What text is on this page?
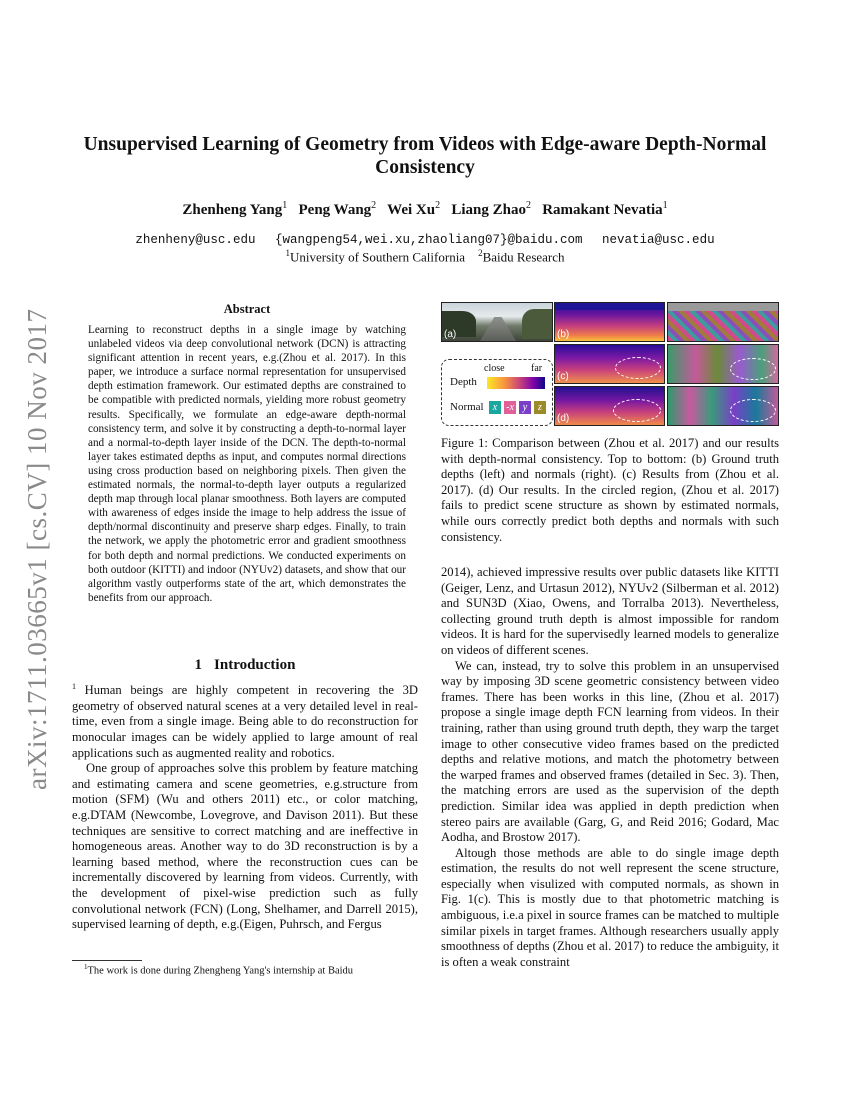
arXiv:1711.03665v1 [cs.CV] 10 Nov 2017
Unsupervised Learning of Geometry from Videos with Edge-aware Depth-Normal Consistency
Zhenheng Yang$^1$ Peng Wang$^2$ Wei Xu$^2$ Liang Zhao$^2$ Ramakant Nevatia$^1$
zhenheny@usc.edu {wangpeng54,wei.xu,zhaoliang07}@baidu.com nevatia@usc.edu
$^1$University of Southern California $^2$Baidu Research
Abstract
Learning to reconstruct depths in a single image by watching unlabeled videos via deep convolutional network (DCN) is attracting significant attention in recent years, e.g.(Zhou et al. 2017). In this paper, we introduce a surface normal representation for unsupervised depth estimation framework. Our estimated depths are constrained to be compatible with predicted normals, yielding more robust geometry results. Specifically, we formulate an edge-aware depth-normal consistency term, and solve it by constructing a depth-to-normal layer and a normal-to-depth layer inside of the DCN. The depth-to-normal layer takes estimated depths as input, and computes normal directions using cross production based on neighboring pixels. Then given the estimated normals, the normal-to-depth layer outputs a regularized depth map through local planar smoothness. Both layers are computed with awareness of edges inside the image to help address the issue of depth/normal discontinuity and preserve sharp edges. Finally, to train the network, we apply the photometric error and gradient smoothness for both depth and normal predictions. We conducted experiments on both outdoor (KITTI) and indoor (NYUv2) datasets, and show that our algorithm vastly outperforms state of the art, which demonstrates the benefits from our approach.
1 Introduction

$^1$ Human beings are highly competent in recovering the 3D geometry of observed natural scenes at a very detailed level in real-time, even from a single image. Being able to do reconstruction for monocular images can be widely applied to large amount of real applications such as augmented reality and robotics.

One group of approaches solve this problem by feature matching and estimating camera and scene geometries, e.g.structure from motion (SFM) (Wu and others 2011) etc., or color matching, e.g.DTAM (Newcombe, Lovegrove, and Davison 2011). But these techniques are sensitive to correct matching and are ineffective in homogeneous areas. Another way to do 3D reconstruction is by a learning based method, where the reconstruction cues can be incrementally discovered by learning from videos. Currently, with the development of pixel-wise prediction such as fully convolutional network (FCN) (Long, Shelhamer, and Darrell 2015), supervised learning of depth, e.g.(Eigen, Puhrsch, and Fergus

$^1$The work is done during Zhengheng Yang's internship at Baidu
(a)	(b)
(c)
(d)
close	far
Depth
Normal x -x y	z
Figure 1: Comparison between (Zhou et al. 2017) and our results with depth-normal consistency. Top to bottom: (b) Ground truth depths (left) and normals (right). (c) Results from (Zhou et al. 2017). (d) Our results. In the circled region, (Zhou et al. 2017) fails to predict scene structure as shown by estimated normals, while ours correctly predict both depths and normals with such consistency.

2014), achieved impressive results over public datasets like KITTI (Geiger, Lenz, and Urtasun 2012), NYUv2 (Silberman et al. 2012) and SUN3D (Xiao, Owens, and Torralba 2013). Nevertheless, collecting ground truth depth is almost impossible for random videos. It is hard for the supervisedly learned models to generalize on videos of different scenes.

We can, instead, try to solve this problem in an unsupervised way by imposing 3D scene geometric consistency between video frames. There has been works in this line, (Zhou et al. 2017) propose a single image depth FCN learning from videos. In their training, rather than using ground truth depth, they warp the target image to other consecutive video frames based on the predicted depths and relative motions, and match the photometry between the warped frames and observed frames (detailed in Sec. 3). Then, the matching errors are used as the supervision of the depth prediction. Similar idea was applied in depth prediction when stereo pairs are available (Garg, G, and Reid 2016; Godard, Mac Aodha, and Brostow 2017).

Altough those methods are able to do single image depth estimation, the results do not well represent the scene structure, especially when visulized with computed normals, as shown in Fig. 1(c). This is mostly due to that photometric matching is ambiguous, i.e.a pixel in source frames can be matched to multiple similar pixels in target frames. Although researchers usually apply smoothness of depths (Zhou et al. 2017) to reduce the ambiguity, it is often a weak constraint
